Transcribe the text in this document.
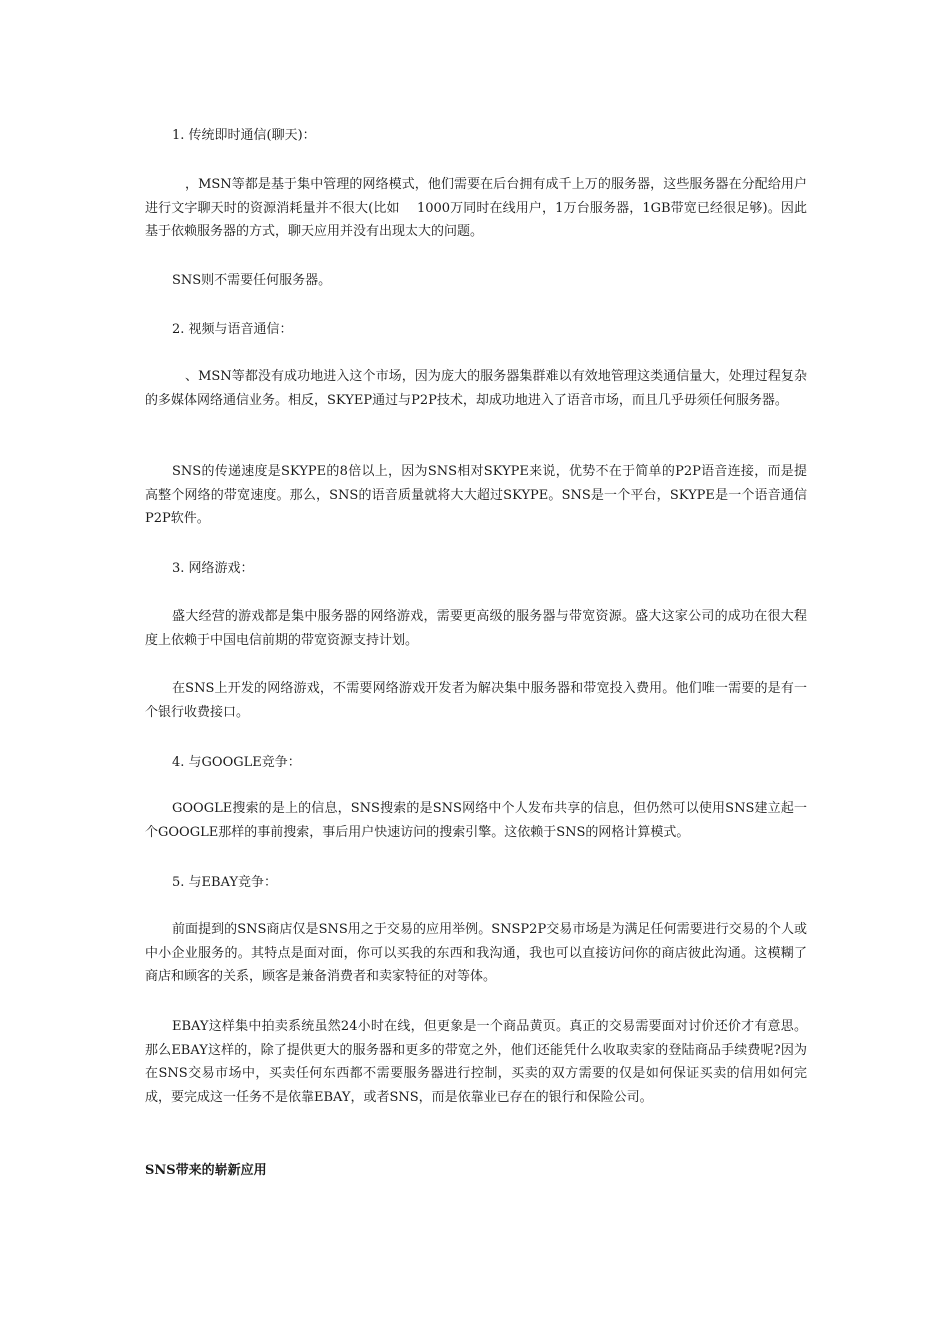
1. 传统即时通信(聊天)：
，MSN等都是基于集中管理的网络模式，他们需要在后台拥有成千上万的服务器，这些服务器在分配给用户进行文字聊天时的资源消耗量并不很大(比如　 1000万同时在线用户，1万台服务器，1GB带宽已经很足够)。因此基于依赖服务器的方式，聊天应用并没有出现太大的问题。
SNS则不需要任何服务器。
2. 视频与语音通信：
、MSN等都没有成功地进入这个市场，因为庞大的服务器集群难以有效地管理这类通信量大，处理过程复杂的多媒体网络通信业务。相反，SKYEP通过与P2P技术，却成功地进入了语音市场，而且几乎毋须任何服务器。
SNS的传递速度是SKYPE的8倍以上，因为SNS相对SKYPE来说，优势不在于简单的P2P语音连接，而是提高整个网络的带宽速度。那么，SNS的语音质量就将大大超过SKYPE。SNS是一个平台，SKYPE是一个语音通信P2P软件。
3. 网络游戏：
盛大经营的游戏都是集中服务器的网络游戏，需要更高级的服务器与带宽资源。盛大这家公司的成功在很大程度上依赖于中国电信前期的带宽资源支持计划。
在SNS上开发的网络游戏，不需要网络游戏开发者为解决集中服务器和带宽投入费用。他们唯一需要的是有一个银行收费接口。
4. 与GOOGLE竞争：
GOOGLE搜索的是上的信息，SNS搜索的是SNS网络中个人发布共享的信息，但仍然可以使用SNS建立起一个GOOGLE那样的事前搜索，事后用户快速访问的搜索引擎。这依赖于SNS的网格计算模式。
5. 与EBAY竞争：
前面提到的SNS商店仅是SNS用之于交易的应用举例。SNSP2P交易市场是为满足任何需要进行交易的个人或中小企业服务的。其特点是面对面，你可以买我的东西和我沟通，我也可以直接访问你的商店彼此沟通。这模糊了商店和顾客的关系，顾客是兼备消费者和卖家特征的对等体。
EBAY这样集中拍卖系统虽然24小时在线，但更象是一个商品黄页。真正的交易需要面对讨价还价才有意思。那么EBAY这样的，除了提供更大的服务器和更多的带宽之外，他们还能凭什么收取卖家的登陆商品手续费呢?因为在SNS交易市场中，买卖任何东西都不需要服务器进行控制，买卖的双方需要的仅是如何保证买卖的信用如何完成，要完成这一任务不是依靠EBAY，或者SNS，而是依靠业已存在的银行和保险公司。
SNS带来的崭新应用
